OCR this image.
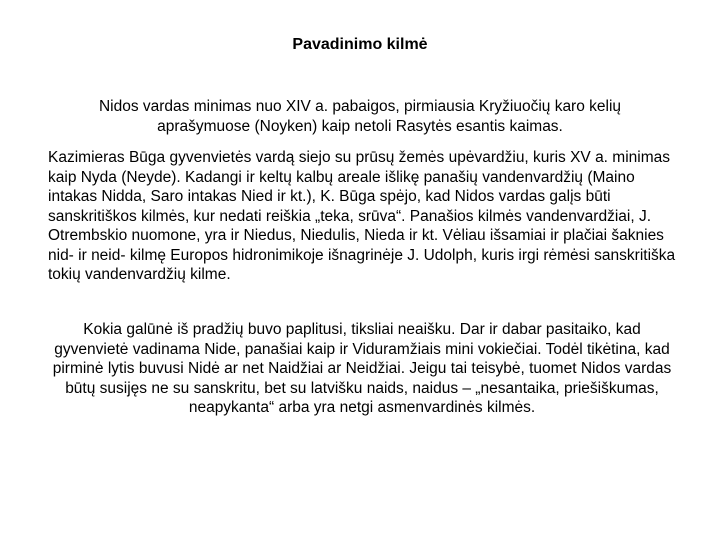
Pavadinimo kilmė

Nidos vardas minimas nuo XIV a. pabaigos, pirmiausia Kryžiuočių karo kelių aprašymuose (Noyken) kaip netoli Rasytės esantis kaimas.

Kazimieras Būga gyvenvietės vardą siejo su prūsų žemės upėvardžiu, kuris XV a. minimas kaip Nyda (Neyde). Kadangi ir keltų kalbų areale išlikę panašių vandenvardžių (Maino intakas Nidda, Saro intakas Nied ir kt.), K. Būga spėjo, kad Nidos vardas galįs būti sanskritiškos kilmės, kur nedati reiškia „teka, srūva“. Panašios kilmės vandenvardžiai, J. Otrembskio nuomone, yra ir Niedus, Niedulis, Nieda ir kt. Vėliau išsamiai ir plačiai šaknies nid- ir neid- kilmę Europos hidronimikoje išnagrinėje J. Udolph, kuris irgi rėmėsi sanskritiška tokių vandenvardžių kilme.

Kokia galūnė iš pradžių buvo paplitusi, tiksliai neaišku. Dar ir dabar pasitaiko, kad gyvenvietė vadinama Nide, panašiai kaip ir Viduramžiais mini vokiečiai. Todėl tikėtina, kad pirminė lytis buvusi Nidė ar net Naidžiai ar Neidžiai. Jeigu tai teisybė, tuomet Nidos vardas būtų susijęs ne su sanskritu, bet su latvišku naids, naidus – „nesantaika, priešiškumas, neapykanta“ arba yra netgi asmenvardinės kilmės.
